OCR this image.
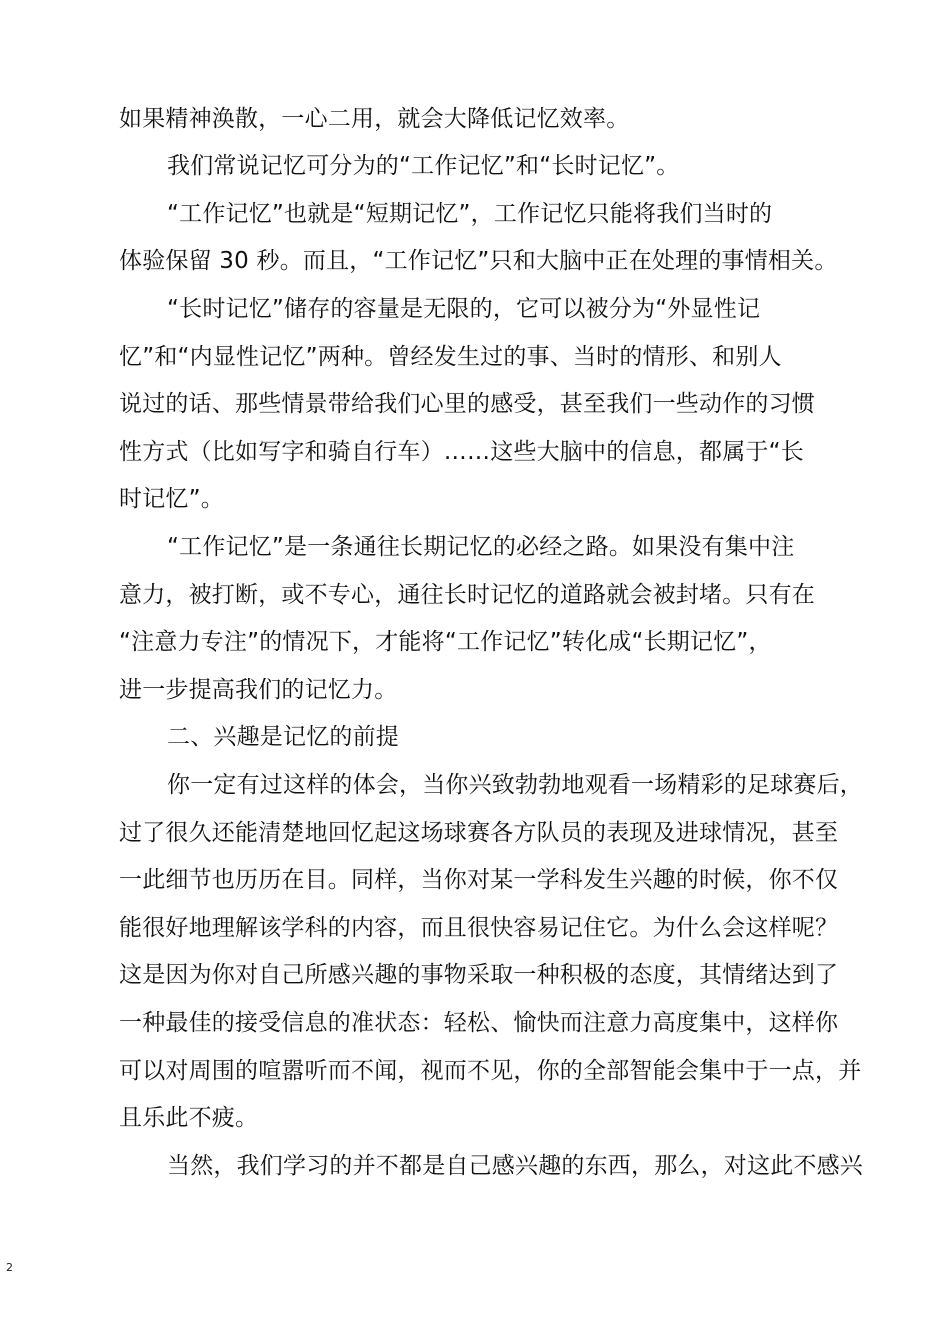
如果精神涣散，一心二用，就会大降低记忆效率。
我们常说记忆可分为的“工作记忆”和“长时记忆”。
“工作记忆”也就是“短期记忆”，工作记忆只能将我们当时的
体验保留 30 秒。而且，“工作记忆”只和大脑中正在处理的事情相关。
“长时记忆”储存的容量是无限的，它可以被分为“外显性记
忆”和“内显性记忆”两种。曾经发生过的事、当时的情形、和别人
说过的话、那些情景带给我们心里的感受，甚至我们一些动作的习惯
性方式（比如写字和骑自行车）……这些大脑中的信息，都属于“长
时记忆”。
“工作记忆”是一条通往长期记忆的必经之路。如果没有集中注
意力，被打断，或不专心，通往长时记忆的道路就会被封堵。只有在
“注意力专注”的情况下，才能将“工作记忆”转化成“长期记忆”，
进一步提高我们的记忆力。
二、兴趣是记忆的前提
你一定有过这样的体会，当你兴致勃勃地观看一场精彩的足球赛后，
过了很久还能清楚地回忆起这场球赛各方队员的表现及进球情况，甚至
一此细节也历历在目。同样，当你对某一学科发生兴趣的时候，你不仅
能很好地理解该学科的内容，而且很快容易记住它。为什么会这样呢？
这是因为你对自己所感兴趣的事物采取一种积极的态度，其情绪达到了
一种最佳的接受信息的准状态：轻松、愉快而注意力高度集中，这样你
可以对周围的喧嚣听而不闻，视而不见，你的全部智能会集中于一点，并
且乐此不疲。
当然，我们学习的并不都是自己感兴趣的东西，那么，对这此不感兴
2
